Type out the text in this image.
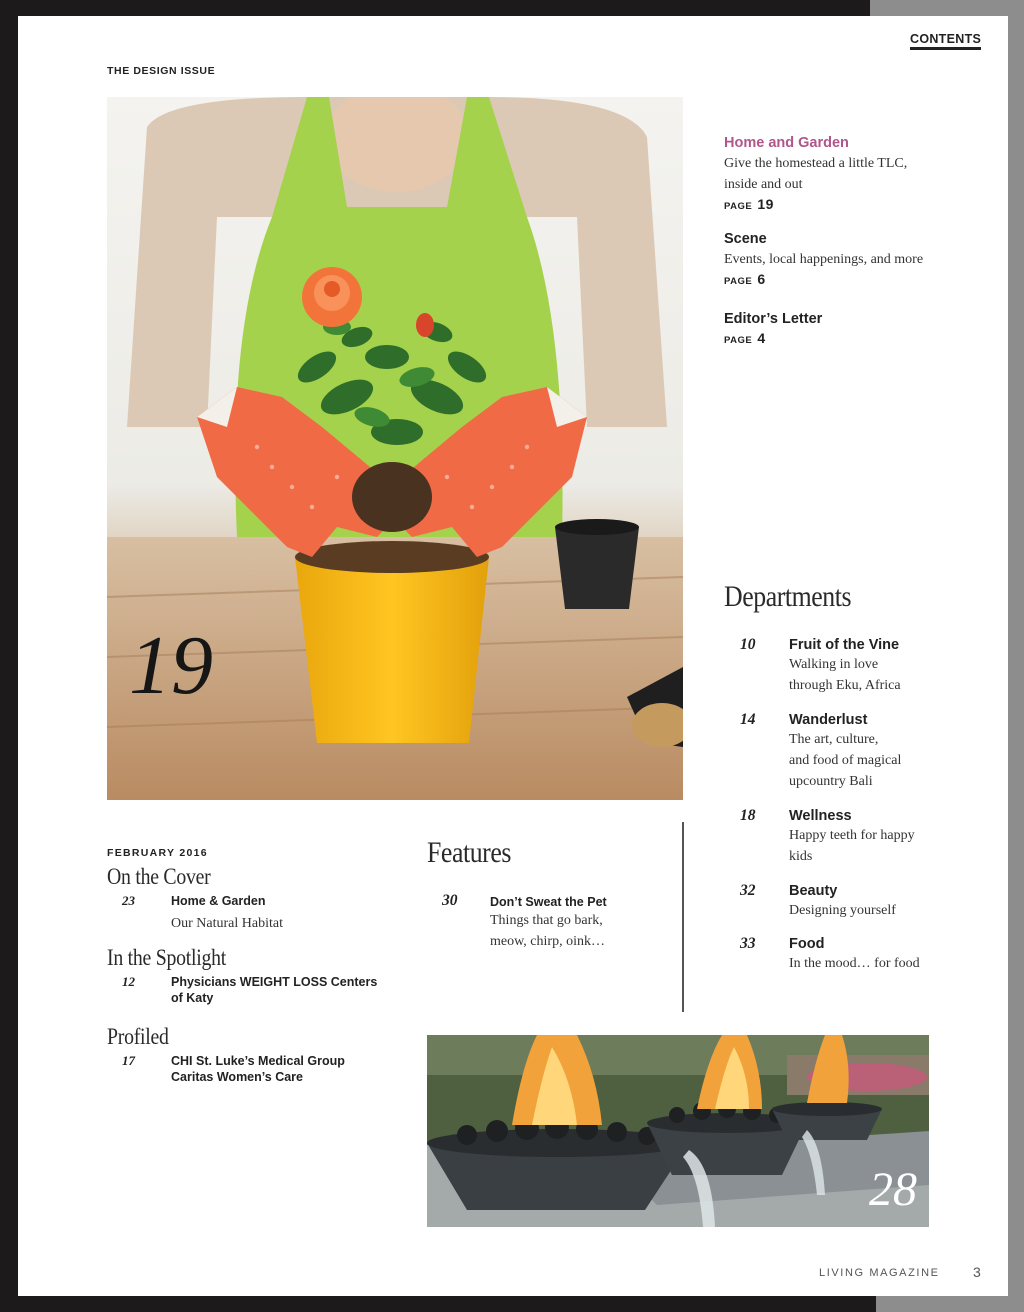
THE DESIGN ISSUE
CONTENTS
19
Home and Garden
Give the homestead a little TLC,
inside and out
PAGE 19
Scene
Events, local happenings, and more
PAGE 6
Editor’s Letter
PAGE 4
Departments
10 Fruit of the Vine
Walking in love
through Eku, Africa
14 Wanderlust
The art, culture,
and food of magical
upcountry Bali
18 Wellness
Happy teeth for happy
kids
32 Beauty
Designing yourself
33 Food
In the mood… for food
FEBRUARY 2016
On the Cover
23	Home & Garden
Our Natural Habitat
In the Spotlight
12	Physicians WEIGHT LOSS Centers
of Katy
Profiled
17	CHI St. Luke’s Medical Group
Caritas Women’s Care
Features
30	Don’t Sweat the Pet
Things that go bark,
meow, chirp, oink…
28
LIVING MAGAZINE 3
